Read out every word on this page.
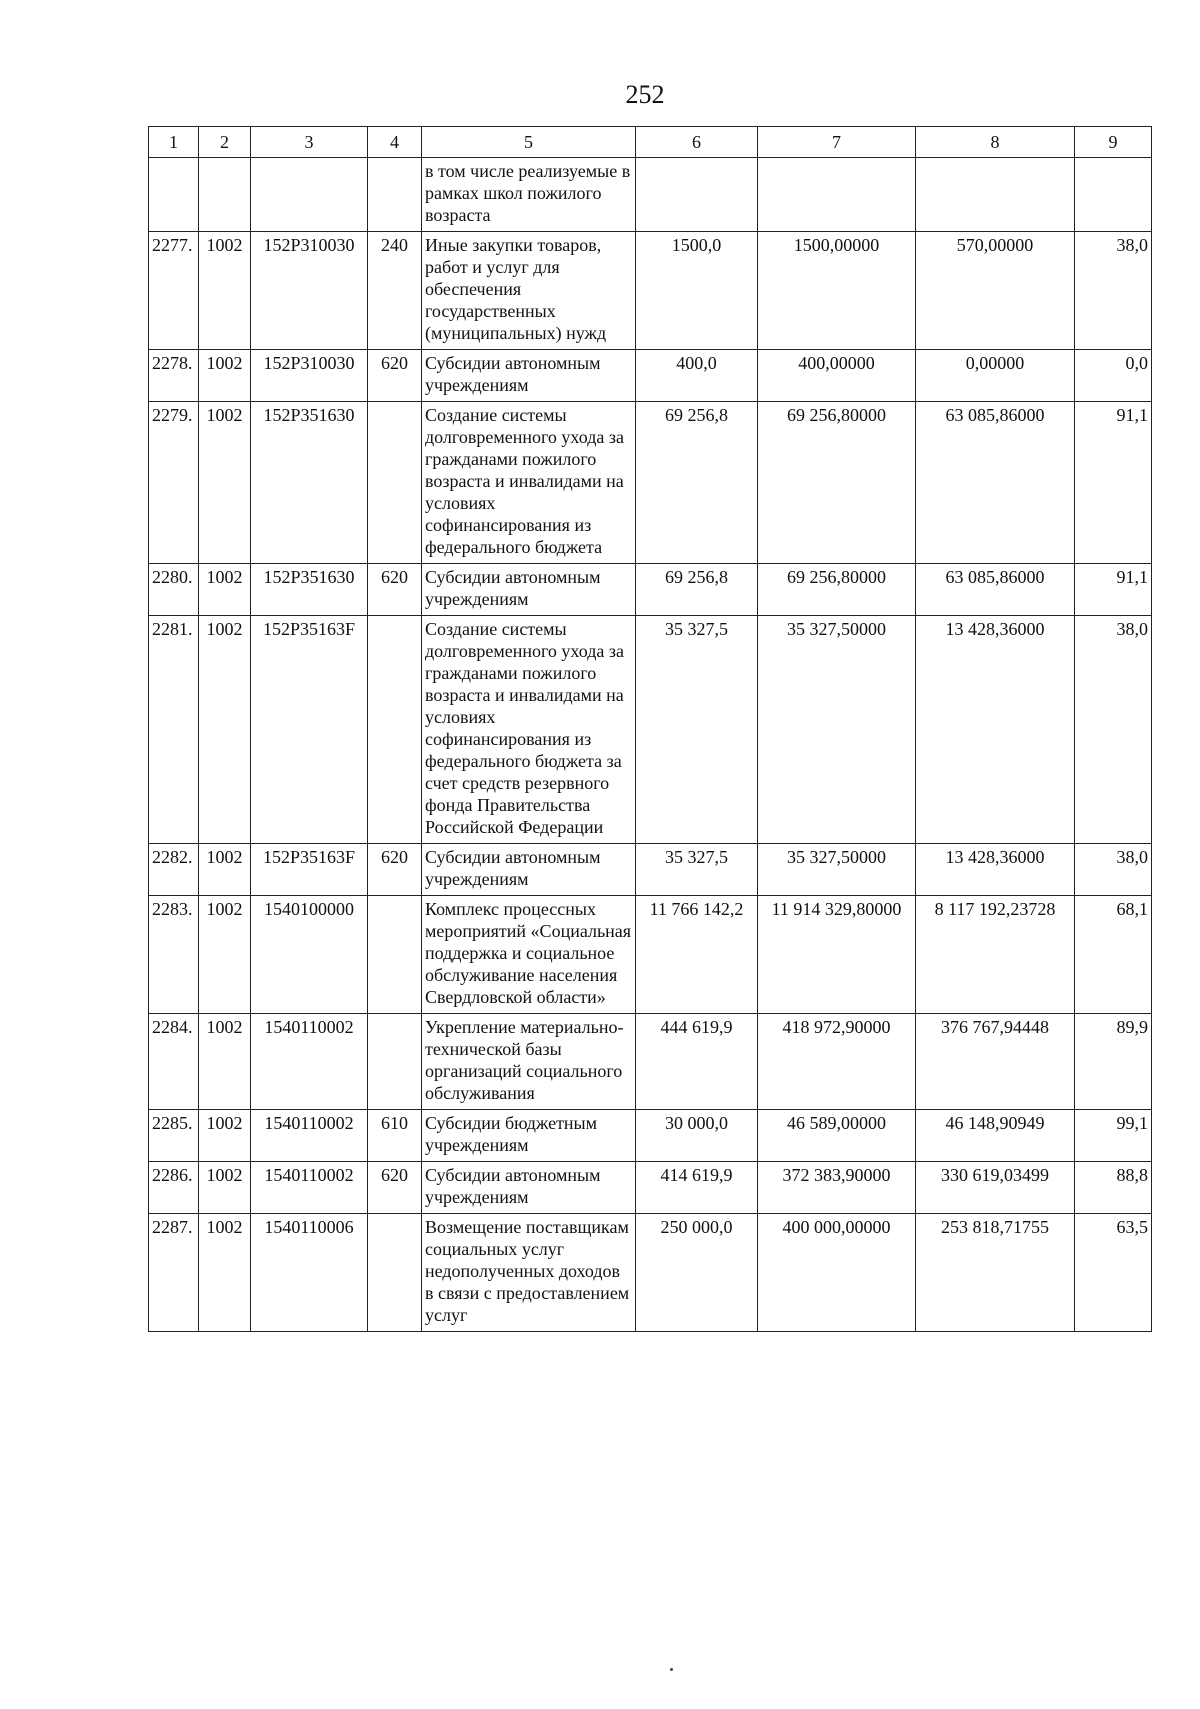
252
1	2	3	4	5	6	7	8	9
				в том числе реализуемые в рамках школ пожилого возраста				
2277.	1002	152P310030	240	Иные закупки товаров, работ и услуг для обеспечения государственных (муниципальных) нужд	1500,0	1500,00000	570,00000	38,0
2278.	1002	152P310030	620	Субсидии автономным учреждениям	400,0	400,00000	0,00000	0,0
2279.	1002	152P351630		Создание системы долговременного ухода за гражданами пожилого возраста и инвалидами на условиях софинансирования из федерального бюджета	69 256,8	69 256,80000	63 085,86000	91,1
2280.	1002	152P351630	620	Субсидии автономным учреждениям	69 256,8	69 256,80000	63 085,86000	91,1
2281.	1002	152P35163F		Создание системы долговременного ухода за гражданами пожилого возраста и инвалидами на условиях софинансирования из федерального бюджета за счет средств резервного фонда Правительства Российской Федерации	35 327,5	35 327,50000	13 428,36000	38,0
2282.	1002	152P35163F	620	Субсидии автономным учреждениям	35 327,5	35 327,50000	13 428,36000	38,0
2283.	1002	1540100000		Комплекс процессных мероприятий «Социальная поддержка и социальное обслуживание населения Свердловской области»	11 766 142,2	11 914 329,80000	8 117 192,23728	68,1
2284.	1002	1540110002		Укрепление материально-технической базы организаций социального обслуживания	444 619,9	418 972,90000	376 767,94448	89,9
2285.	1002	1540110002	610	Субсидии бюджетным учреждениям	30 000,0	46 589,00000	46 148,90949	99,1
2286.	1002	1540110002	620	Субсидии автономным учреждениям	414 619,9	372 383,90000	330 619,03499	88,8
2287.	1002	1540110006		Возмещение поставщикам социальных услуг недополученных доходов в связи с предоставлением услуг	250 000,0	400 000,00000	253 818,71755	63,5
